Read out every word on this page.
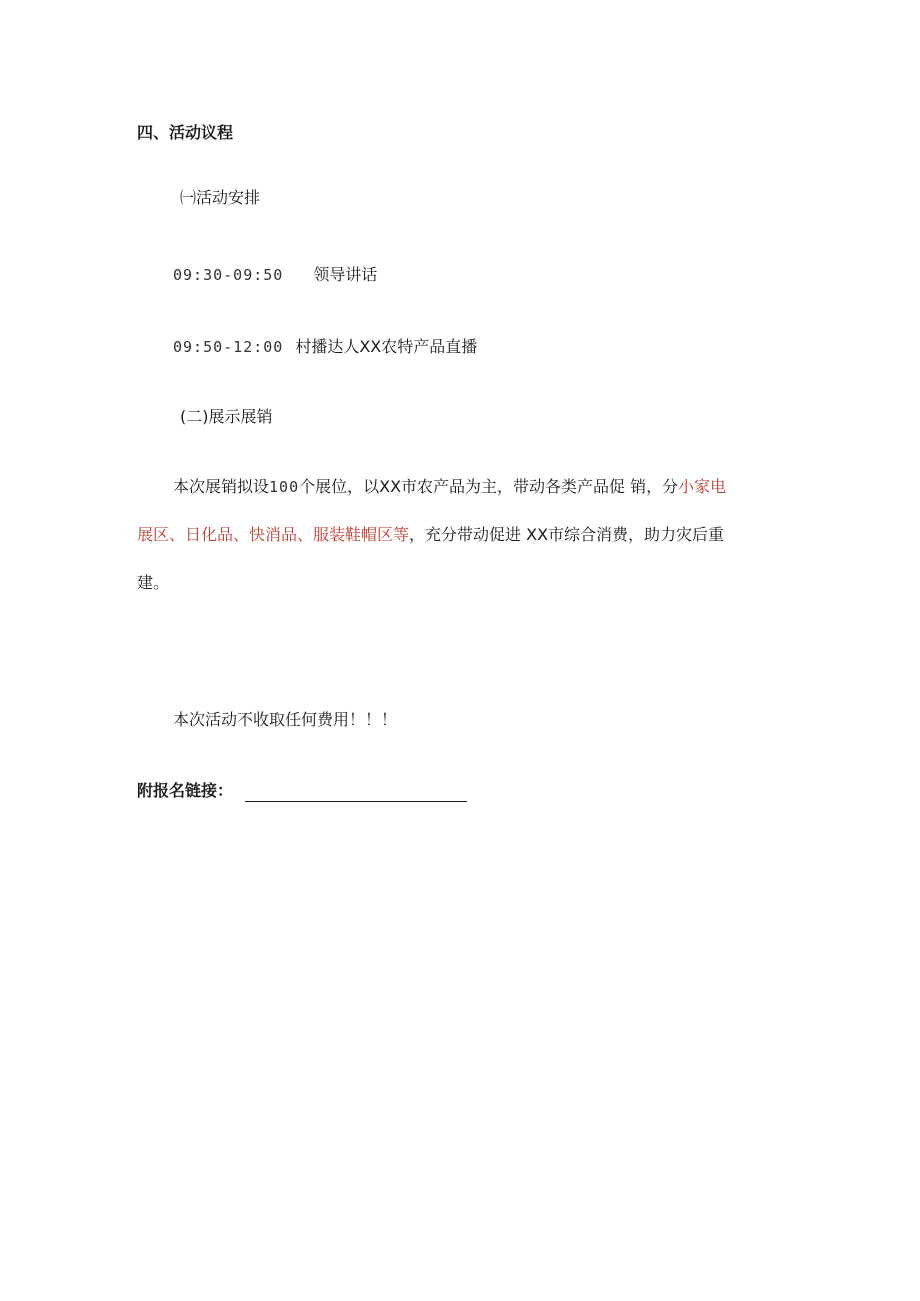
四、活动议程
㈠活动安排
09:30-09:50 领导讲话
09:50-12:00 村播达人XX农特产品直播
(二)展示展销
本次展销拟设100个展位，以XX市农产品为主，带动各类产品促 销，分小家电
展区、日化品、快消品、服装鞋帽区等，充分带动促进 XX市综合消费，助力灾后重
建。
本次活动不收取任何费用！！！
附报名链接：
